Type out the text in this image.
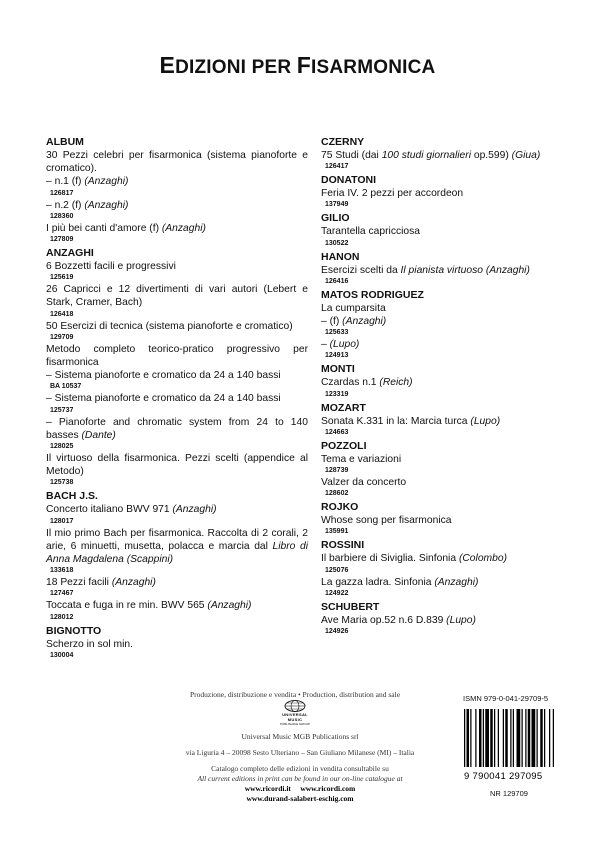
EDIZIONI PER FISARMONICA
ALBUM
30 Pezzi celebri per fisarmonica (sistema pianoforte e cromatico).
– n.1 (f) (Anzaghi)
126817
– n.2 (f) (Anzaghi)
128360
I più bei canti d'amore (f) (Anzaghi)
127809
ANZAGHI
6 Bozzetti facili e progressivi
125619
26 Capricci e 12 divertimenti di vari autori (Lebert e Stark, Cramer, Bach)
126418
50 Esercizi di tecnica (sistema pianoforte e cromatico)
129709
Metodo completo teorico-pratico progressivo per fisarmonica
– Sistema pianoforte e cromatico da 24 a 140 bassi
BA 10537
– Sistema pianoforte e cromatico da 24 a 140 bassi
125737
– Pianoforte and chromatic system from 24 to 140 basses (Dante)
128025
Il virtuoso della fisarmonica. Pezzi scelti (appendice al Metodo)
125738
BACH J.S.
Concerto italiano BWV 971 (Anzaghi)
128017
Il mio primo Bach per fisarmonica. Raccolta di 2 corali, 2 arie, 6 minuetti, musetta, polacca e marcia dal Libro di Anna Magdalena (Scappini)
133618
18 Pezzi facili (Anzaghi)
127467
Toccata e fuga in re min. BWV 565 (Anzaghi)
128012
BIGNOTTO
Scherzo in sol min.
130004
CZERNY
75 Studi (dai 100 studi giornalieri op.599) (Giua)
126417
DONATONI
Feria IV. 2 pezzi per accordeon
137949
GILIO
Tarantella capricciosa
130522
HANON
Esercizi scelti da Il pianista virtuoso (Anzaghi)
126416
MATOS RODRIGUEZ
La cumparsita
– (f) (Anzaghi)
125633
– (Lupo)
124913
MONTI
Czardas n.1 (Reich)
123319
MOZART
Sonata K.331 in la: Marcia turca (Lupo)
124663
POZZOLI
Tema e variazioni
128739
Valzer da concerto
128602
ROJKO
Whose song per fisarmonica
135991
ROSSINI
Il barbiere di Siviglia. Sinfonia (Colombo)
125076
La gazza ladra. Sinfonia (Anzaghi)
124922
SCHUBERT
Ave Maria op.52 n.6 D.839 (Lupo)
124926
Produzione, distribuzione e vendita • Production, distribution and sale
UNIVERSAL MUSIC
PUBLISHING GROUP
Universal Music MGB Publications srl
via Liguria 4 – 20098 Sesto Ulteriano – San Giuliano Milanese (MI) – Italia
Catalogo completo delle edizioni in vendita consultabile su
All current editions in print can be found in our on-line catalogue at
www.ricordi.it www.ricordi.com
www.durand-salabert-eschig.com
ISMN 979-0-041-29709-5
9 790041 297095
NR 129709
